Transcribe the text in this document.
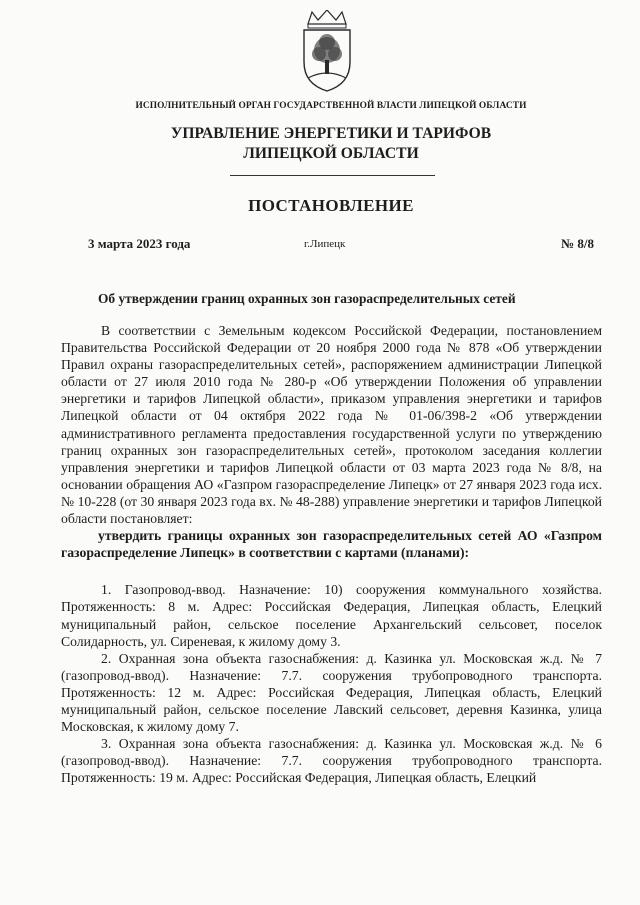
ИСПОЛНИТЕЛЬНЫЙ ОРГАН ГОСУДАРСТВЕННОЙ ВЛАСТИ ЛИПЕЦКОЙ ОБЛАСТИ
УПРАВЛЕНИЕ ЭНЕРГЕТИКИ И ТАРИФОВ
ЛИПЕЦКОЙ ОБЛАСТИ
ПОСТАНОВЛЕНИЕ
3 марта 2023 года	г.Липецк	№ 8/8
Об утверждении границ охранных зон газораспределительных сетей

В соответствии с Земельным кодексом Российской Федерации, постановлением Правительства Российской Федерации от 20 ноября 2000 года № 878 «Об утверждении Правил охраны газораспределительных сетей», распоряжением администрации Липецкой области от 27 июля 2010 года № 280-р «Об утверждении Положения об управлении энергетики и тарифов Липецкой области», приказом управления энергетики и тарифов Липецкой области от 04 октября 2022 года № 01-06/398-2 «Об утверждении административного регламента предоставления государственной услуги по утверждению границ охранных зон газораспределительных сетей», протоколом заседания коллегии управления энергетики и тарифов Липецкой области от 03 марта 2023 года № 8/8, на основании обращения АО «Газпром газораспределение Липецк» от 27 января 2023 года исх. № 10-228 (от 30 января 2023 года вх. № 48-288) управление энергетики и тарифов Липецкой области постановляет:

утвердить границы охранных зон газораспределительных сетей АО «Газпром газораспределение Липецк» в соответствии с картами (планами):

1. Газопровод-ввод. Назначение: 10) сооружения коммунального хозяйства. Протяженность: 8 м. Адрес: Российская Федерация, Липецкая область, Елецкий муниципальный район, сельское поселение Архангельский сельсовет, поселок Солидарность, ул. Сиреневая, к жилому дому 3.

2. Охранная зона объекта газоснабжения: д. Казинка ул. Московская ж.д. № 7 (газопровод-ввод). Назначение: 7.7. сооружения трубопроводного транспорта. Протяженность: 12 м. Адрес: Российская Федерация, Липецкая область, Елецкий муниципальный район, сельское поселение Лавский сельсовет, деревня Казинка, улица Московская, к жилому дому 7.

3. Охранная зона объекта газоснабжения: д. Казинка ул. Московская ж.д. № 6 (газопровод-ввод). Назначение: 7.7. сооружения трубопроводного транспорта. Протяженность: 19 м. Адрес: Российская Федерация, Липецкая область, Елецкий
